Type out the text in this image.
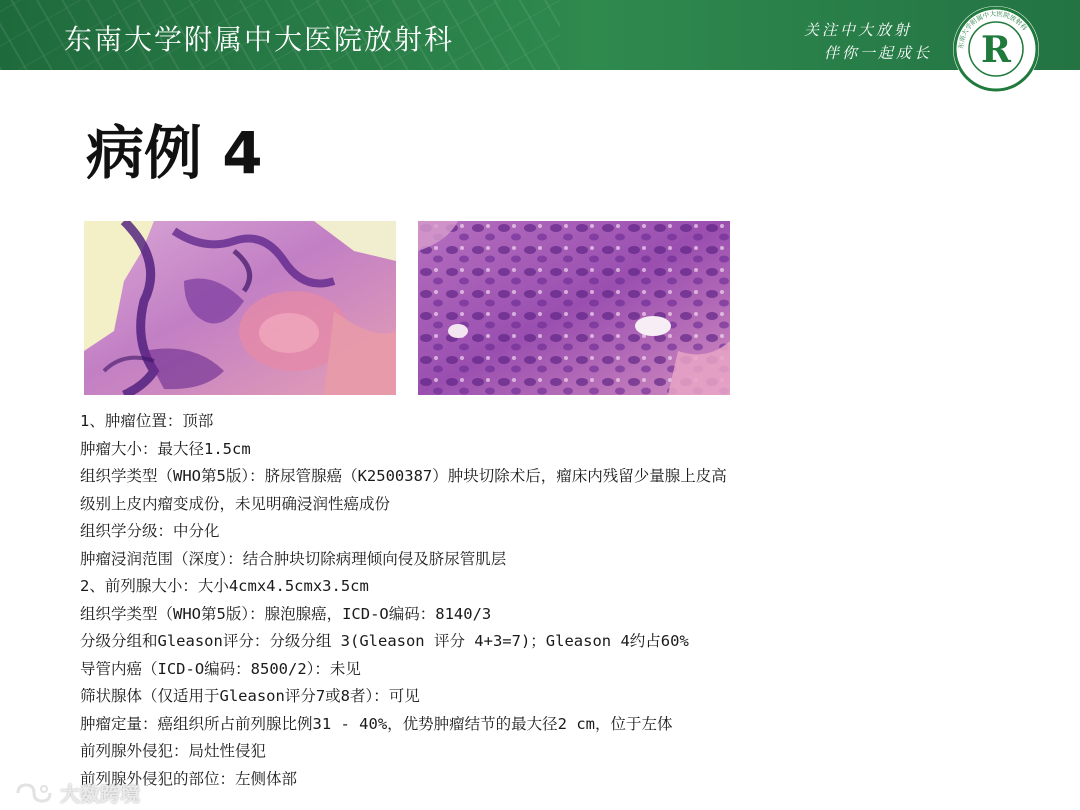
东南大学附属中大医院放射科	关注中大放射
伴你一起成长	东南大学附属中大医院放射科
R
病例 4
1、肿瘤位置：顶部
肿瘤大小：最大径1.5cm
组织学类型（WHO第5版）：脐尿管腺癌（K2500387）肿块切除术后，瘤床内残留少量腺上皮高
级别上皮内瘤变成份，未见明确浸润性癌成份
组织学分级：中分化
肿瘤浸润范围（深度）：结合肿块切除病理倾向侵及脐尿管肌层
2、前列腺大小：大小4cmx4.5cmx3.5cm
组织学类型（WHO第5版）：腺泡腺癌，ICD-O编码：8140/3
分级分组和Gleason评分：分级分组 3(Gleason 评分 4+3=7)；Gleason 4约占60%
导管内癌（ICD-O编码：8500/2）：未见
筛状腺体（仅适用于Gleason评分7或8者）：可见
肿瘤定量：癌组织所占前列腺比例31 - 40%，优势肿瘤结节的最大径2 cm，位于左体
前列腺外侵犯：局灶性侵犯
前列腺外侵犯的部位：左侧体部
大数跨境
